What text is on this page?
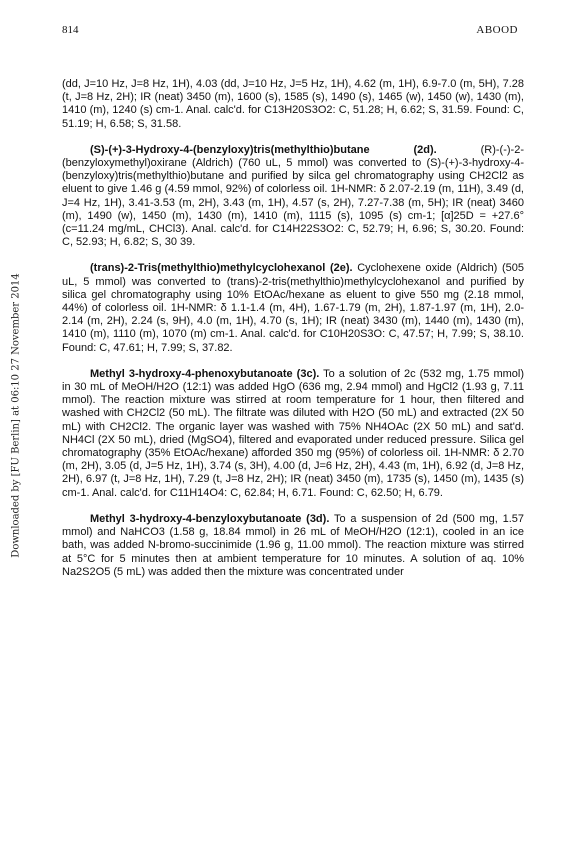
Downloaded by [FU Berlin] at 06:10 27 November 2014
814	ABOOD

(dd, J=10 Hz, J=8 Hz, 1H), 4.03 (dd, J=10 Hz, J=5 Hz, 1H), 4.62 (m, 1H), 6.9-7.0 (m, 5H), 7.28 (t, J=8 Hz, 2H); IR (neat) 3450 (m), 1600 (s), 1585 (s), 1490 (s), 1465 (w), 1450 (w), 1430 (m), 1410 (m), 1240 (s) cm-1. Anal. calc'd. for C13H20S3O2: C, 51.28; H, 6.62; S, 31.59. Found: C, 51.19; H, 6.58; S, 31.58.

(S)-(+)-3-Hydroxy-4-(benzyloxy)tris(methylthio)butane (2d).	(R)-(-)-2-(benzyloxymethyl)oxirane (Aldrich) (760 uL, 5 mmol) was converted to (S)-(+)-3-hydroxy-4-(benzyloxy)tris(methylthio)butane and purified by silca gel chromatography using CH2Cl2 as eluent to give 1.46 g (4.59 mmol, 92%) of colorless oil. 1H-NMR: δ 2.07-2.19 (m, 11H), 3.49 (d, J=4 Hz, 1H), 3.41-3.53 (m, 2H), 3.43 (m, 1H), 4.57 (s, 2H), 7.27-7.38 (m, 5H); IR (neat) 3460 (m), 1490 (w), 1450 (m), 1430 (m), 1410 (m), 1115 (s), 1095 (s) cm-1; [α]25D = +27.6° (c=11.24 mg/mL, CHCl3). Anal. calc'd. for C14H22S3O2: C, 52.79; H, 6.96; S, 30.20. Found: C, 52.93; H, 6.82; S, 30 39.

(trans)-2-Tris(methylthio)methylcyclohexanol (2e). Cyclohexene oxide (Aldrich) (505 uL, 5 mmol) was converted to (trans)-2-tris(methylthio)methylcyclohexanol and purified by silica gel chromatography using 10% EtOAc/hexane as eluent to give 550 mg (2.18 mmol, 44%) of colorless oil. 1H-NMR: δ 1.1-1.4 (m, 4H), 1.67-1.79 (m, 2H), 1.87-1.97 (m, 1H), 2.0-2.14 (m, 2H), 2.24 (s, 9H), 4.0 (m, 1H), 4.70 (s, 1H); IR (neat) 3430 (m), 1440 (m), 1430 (m), 1410 (m), 1110 (m), 1070 (m) cm-1. Anal. calc'd. for C10H20S3O: C, 47.57; H, 7.99; S, 38.10. Found: C, 47.61; H, 7.99; S, 37.82.

Methyl 3-hydroxy-4-phenoxybutanoate (3c). To a solution of 2c (532 mg, 1.75 mmol) in 30 mL of MeOH/H2O (12:1) was added HgO (636 mg, 2.94 mmol) and HgCl2 (1.93 g, 7.11 mmol). The reaction mixture was stirred at room temperature for 1 hour, then filtered and washed with CH2Cl2 (50 mL). The filtrate was diluted with H2O (50 mL) and extracted (2X 50 mL) with CH2Cl2. The organic layer was washed with 75% NH4OAc (2X 50 mL) and sat'd. NH4Cl (2X 50 mL), dried (MgSO4), filtered and evaporated under reduced pressure. Silica gel chromatography (35% EtOAc/hexane) afforded 350 mg (95%) of colorless oil. 1H-NMR: δ 2.70 (m, 2H), 3.05 (d, J=5 Hz, 1H), 3.74 (s, 3H), 4.00 (d, J=6 Hz, 2H), 4.43 (m, 1H), 6.92 (d, J=8 Hz, 2H), 6.97 (t, J=8 Hz, 1H), 7.29 (t, J=8 Hz, 2H); IR (neat) 3450 (m), 1735 (s), 1450 (m), 1435 (s) cm-1. Anal. calc'd. for C11H14O4: C, 62.84; H, 6.71. Found: C, 62.50; H, 6.79.

Methyl 3-hydroxy-4-benzyloxybutanoate (3d). To a suspension of 2d (500 mg, 1.57 mmol) and NaHCO3 (1.58 g, 18.84 mmol) in 26 mL of MeOH/H2O (12:1), cooled in an ice bath, was added N-bromo-succinimide (1.96 g, 11.00 mmol). The reaction mixture was stirred at 5°C for 5 minutes then at ambient temperature for 10 minutes. A solution of aq. 10% Na2S2O5 (5 mL) was added then the mixture was concentrated under
